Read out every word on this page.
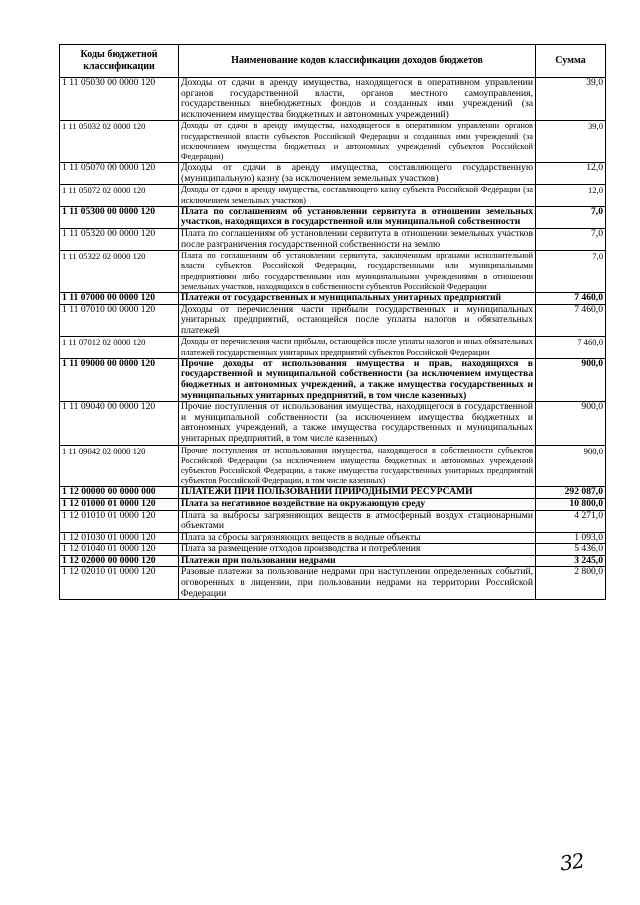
Коды бюджетной классификации	Наименование кодов классификации доходов бюджетов	Сумма
1 11 05030 00 0000 120	Доходы от сдачи в аренду имущества, находящегося в оперативном управлении органов государственной власти, органов местного самоуправления, государственных внебюджетных фондов и созданных ими учреждений (за исключением имущества бюджетных и автономных учреждений)	39,0
1 11 05032 02 0000 120	Доходы от сдачи в аренду имущества, находящегося в оперативном управлении органов государственной власти субъектов Российской Федерации и созданных ими учреждений (за исключением имущества бюджетных и автономных учреждений субъектов Российской Федерации)	39,0
1 11 05070 00 0000 120	Доходы от сдачи в аренду имущества, составляющего государственную (муниципальную) казну (за исключением земельных участков)	12,0
1 11 05072 02 0000 120	Доходы от сдачи в аренду имущества, составляющего казну субъекта Российской Федерации (за исключением земельных участков)	12,0
1 11 05300 00 0000 120	Плата по соглашениям об установлении сервитута в отношении земельных участков, находящихся в государственной или муниципальной собственности	7,0
1 11 05320 00 0000 120	Плата по соглашениям об установлении сервитута в отношении земельных участков после разграничения государственной собственности на землю	7,0
1 11 05322 02 0000 120	Плата по соглашениям об установлении сервитута, заключенным органами исполнительной власти субъектов Российской Федерации, государственными или муниципальными предприятиями либо государственными или муниципальными учреждениями в отношении земельных участков, находящихся в собственности субъектов Российской Федерации	7,0
1 11 07000 00 0000 120	Платежи от государственных и муниципальных унитарных предприятий	7 460,0
1 11 07010 00 0000 120	Доходы от перечисления части прибыли государственных и муниципальных унитарных предприятий, остающейся после уплаты налогов и обязательных платежей	7 460,0
1 11 07012 02 0000 120	Доходы от перечисления части прибыли, остающейся после уплаты налогов и иных обязательных платежей государственных унитарных предприятий субъектов Российской Федерации	7 460,0
1 11 09000 00 0000 120	Прочие доходы от использования имущества и прав, находящихся в государственной и муниципальной собственности (за исключением имущества бюджетных и автономных учреждений, а также имущества государственных и муниципальных унитарных предприятий, в том числе казенных)	900,0
1 11 09040 00 0000 120	Прочие поступления от использования имущества, находящегося в государственной и муниципальной собственности (за исключением имущества бюджетных и автономных учреждений, а также имущества государственных и муниципальных унитарных предприятий, в том числе казенных)	900,0
1 11 09042 02 0000 120	Прочие поступления от использования имущества, находящегося в собственности субъектов Российской Федерации (за исключением имущества бюджетных и автономных учреждений субъектов Российской Федерации, а также имущества государственных унитарных предприятий субъектов Российской Федерации, в том числе казенных)	900,0
1 12 00000 00 0000 000	ПЛАТЕЖИ ПРИ ПОЛЬЗОВАНИИ ПРИРОДНЫМИ РЕСУРСАМИ	292 087,0
1 12 01000 01 0000 120	Плата за негативное воздействие на окружающую среду	10 800,0
1 12 01010 01 0000 120	Плата за выбросы загрязняющих веществ в атмосферный воздух стационарными объектами	4 271,0
1 12 01030 01 0000 120	Плата за сбросы загрязняющих веществ в водные объекты	1 093,0
1 12 01040 01 0000 120	Плата за размещение отходов производства и потребления	5 436,0
1 12 02000 00 0000 120	Платежи при пользовании недрами	3 245,0
1 12 02010 01 0000 120	Разовые платежи за пользование недрами при наступлении определенных событий, оговоренных в лицензии, при пользовании недрами на территории Российской Федерации	2 800,0
32
